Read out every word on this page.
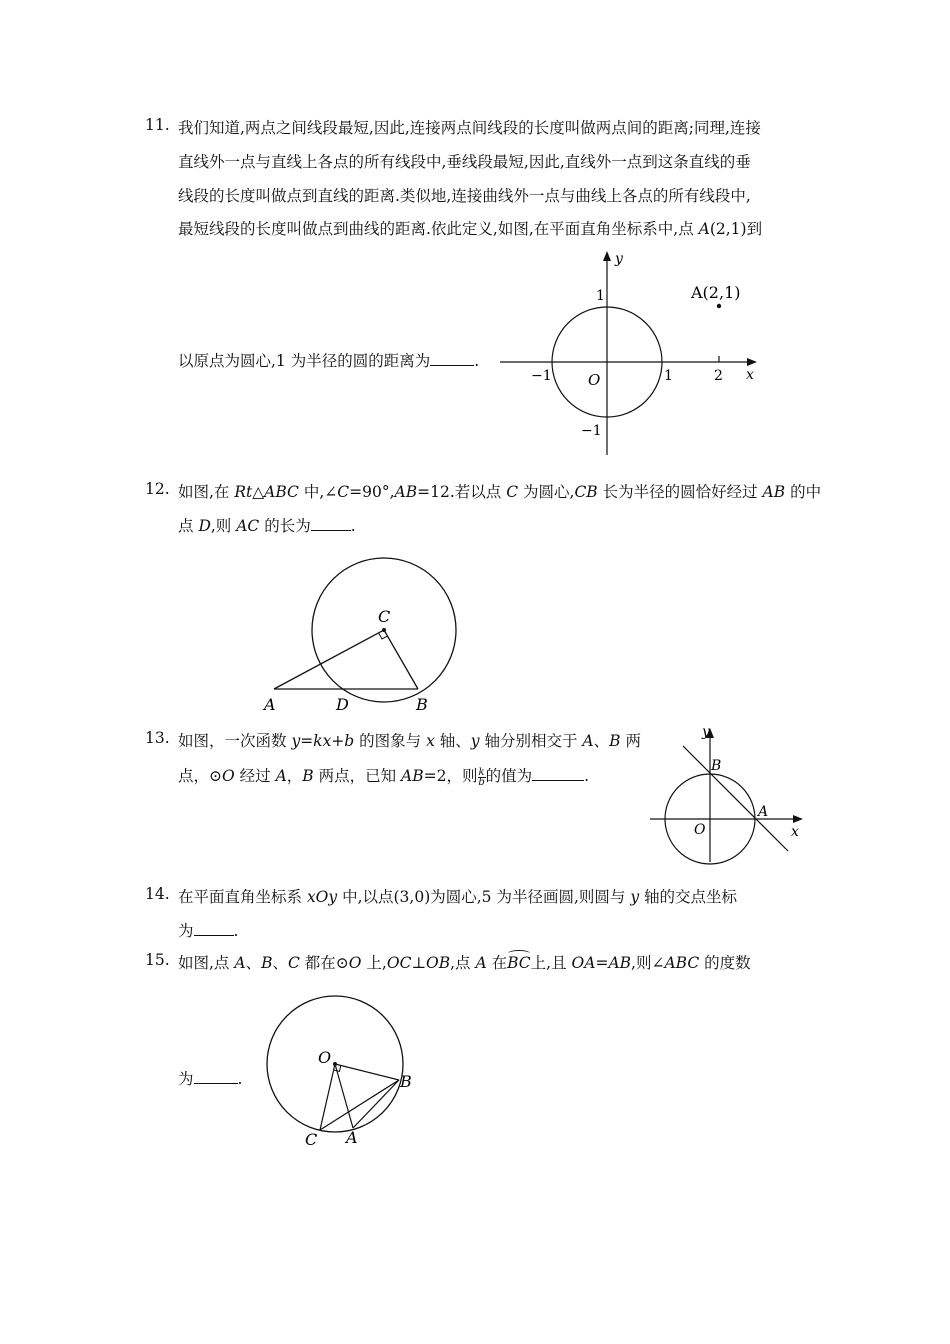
11. 我们知道,两点之间线段最短,因此,连接两点间线段的长度叫做两点间的距离;同理,连接
直线外一点与直线上各点的所有线段中,垂线段最短,因此,直线外一点到这条直线的垂
线段的长度叫做点到直线的距离.类似地,连接曲线外一点与曲线上各点的所有线段中,
最短线段的长度叫做点到曲线的距离.依此定义,如图,在平面直角坐标系中,点 A(2,1)到
以原点为圆心,1 为半径的圆的距离为	.
A(2,1)
y
x
1
−1 O	1	2
−1
12. 如图,在 Rt△ABC 中,∠C=90°,AB=12.若以点 C 为圆心,CB 长为半径的圆恰好经过 AB 的中
点 D,则 AC 的长为	.
C
A	D	B
13. 如图，一次函数 y=kx+b 的图象与 x 轴、y 轴分别相交于 A、B 两
点，⊙O 经过 A，B 两点，已知 AB=2，则 $\frac{k}{b}$ 的值为	.
y
B
A
O	x
14. 在平面直角坐标系 xOy 中,以点(3,0)为圆心,5 为半径画圆,则圆与 y 轴的交点坐标
为	.
15. 如图,点 A、B、C 都在⊙O 上,OC⊥OB,点 A 在BC上,且 OA=AB,则∠ABC 的度数
为	.
O
B
C A
